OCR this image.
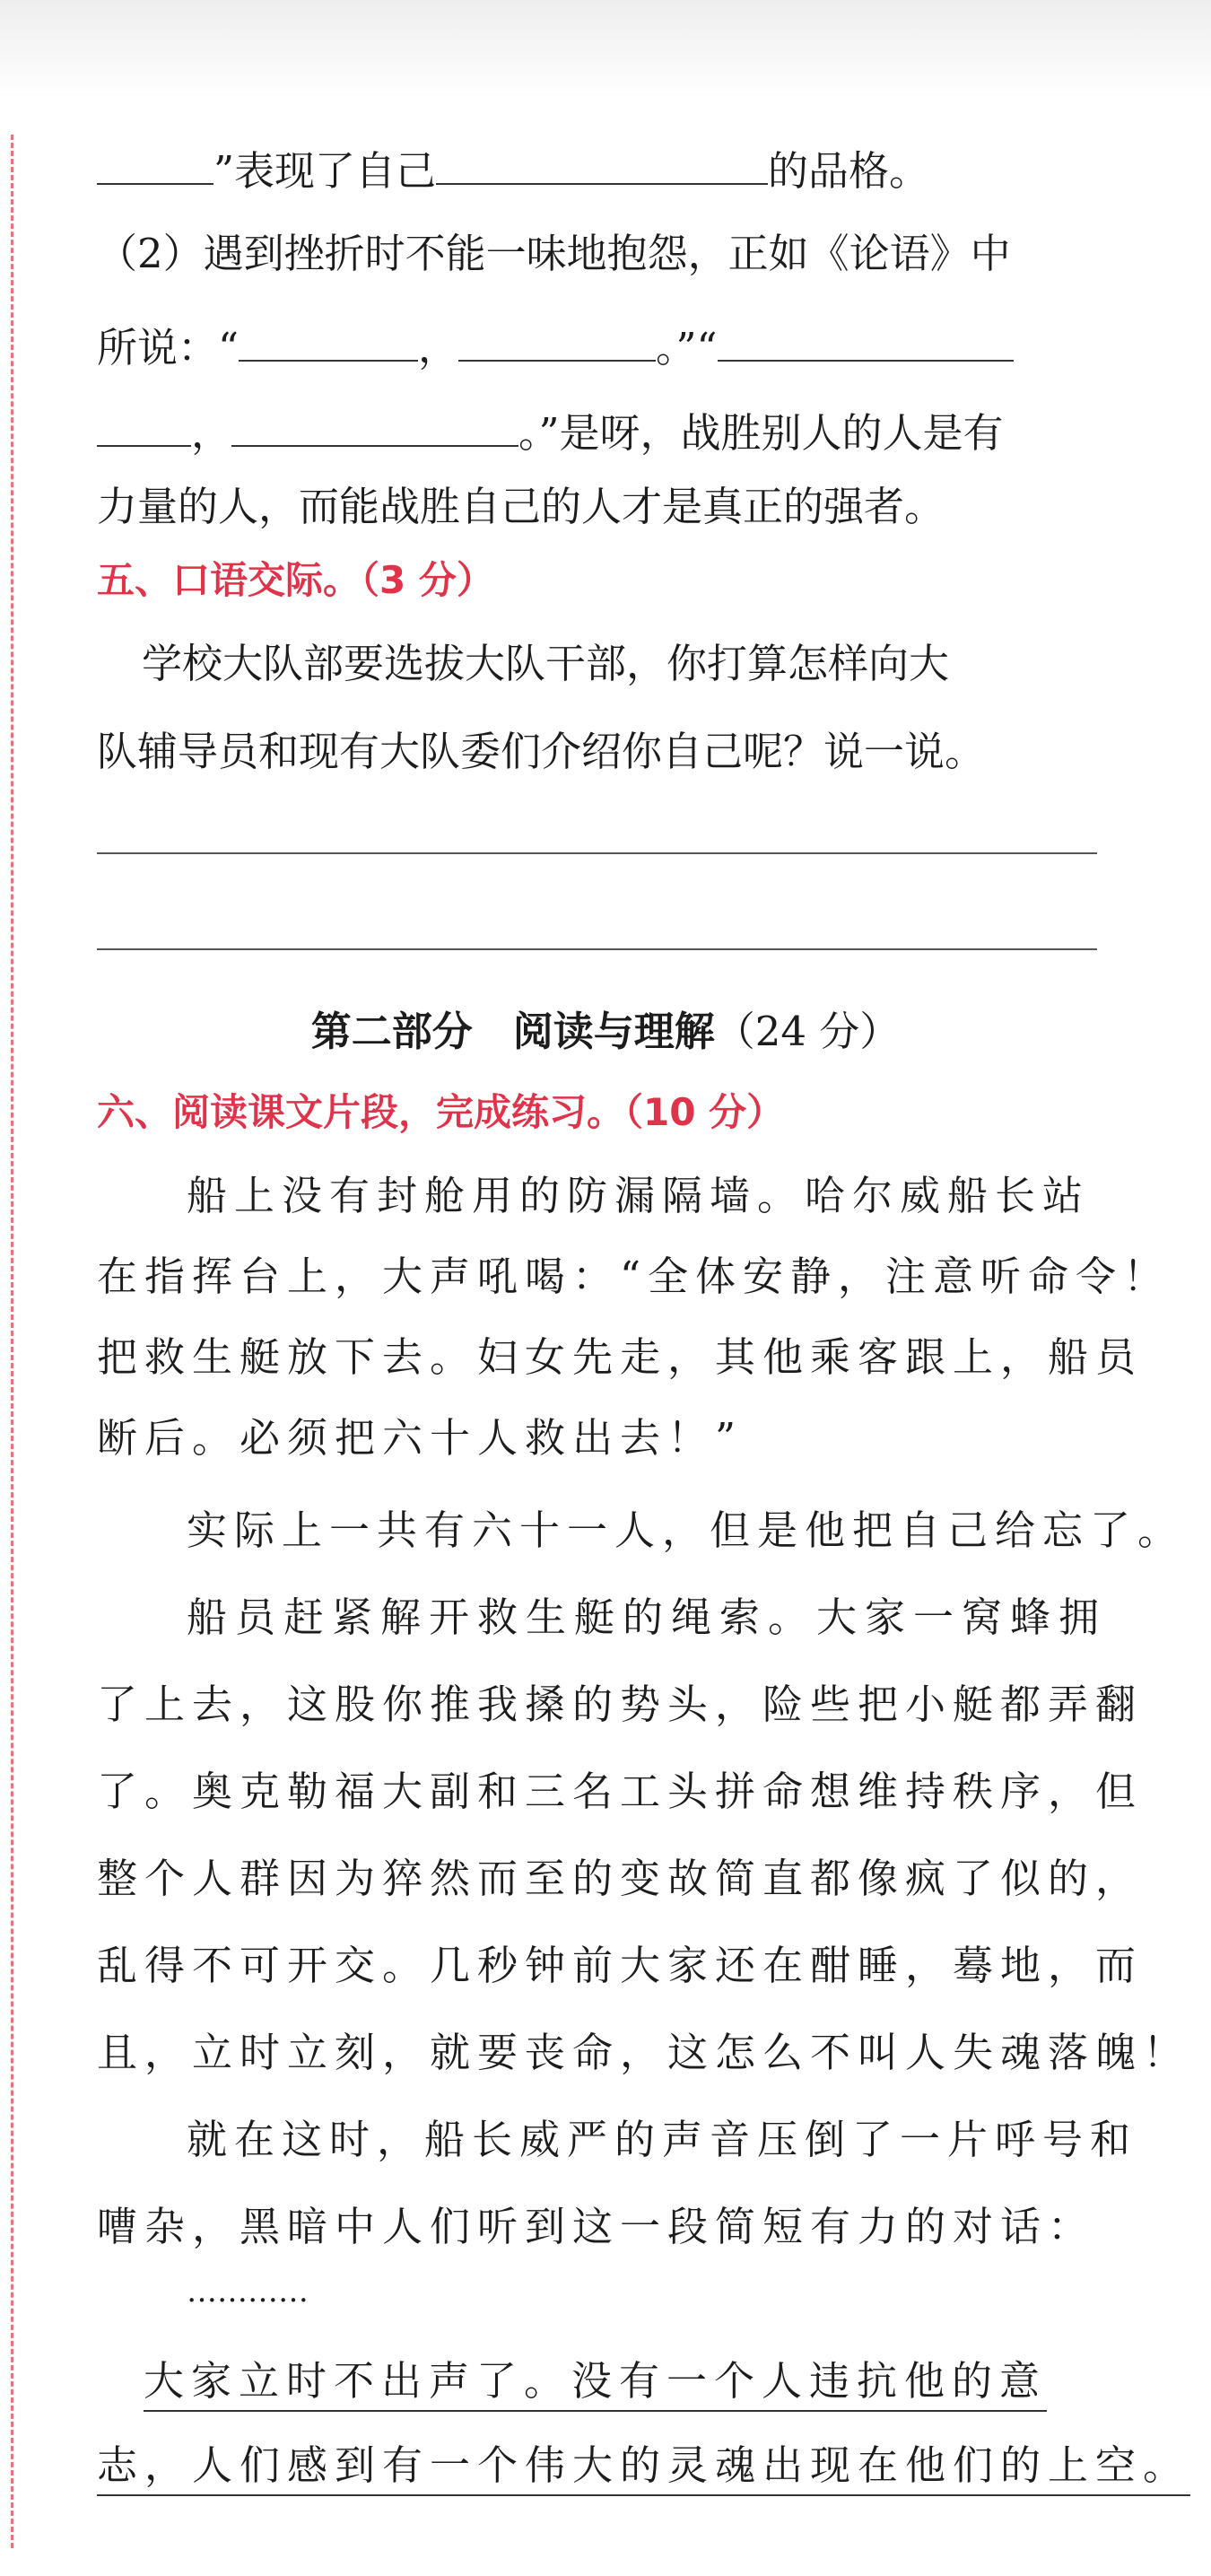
”表现了自己	的品格。
（2）遇到挫折时不能一味地抱怨，正如《论语》中
所说：“	，	。”“
，	。”是呀，战胜别人的人是有
力量的人，而能战胜自己的人才是真正的强者。
五、口语交际。（3 分）
学校大队部要选拔大队干部，你打算怎样向大
队辅导员和现有大队委们介绍你自己呢？说一说。
第二部分　阅读与理解（24 分）
六、阅读课文片段，完成练习。（10 分）
船上没有封舱用的防漏隔墙。哈尔威船长站
在指挥台上，大声吼喝：“全体安静，注意听命令！
把救生艇放下去。妇女先走，其他乘客跟上，船员
断后。必须把六十人救出去！”
实际上一共有六十一人，但是他把自己给忘了。
船员赶紧解开救生艇的绳索。大家一窝蜂拥
了上去，这股你推我搡的势头，险些把小艇都弄翻
了。奥克勒福大副和三名工头拼命想维持秩序，但
整个人群因为猝然而至的变故简直都像疯了似的，
乱得不可开交。几秒钟前大家还在酣睡，蓦地，而
且，立时立刻，就要丧命，这怎么不叫人失魂落魄！
就在这时，船长威严的声音压倒了一片呼号和
嘈杂，黑暗中人们听到这一段简短有力的对话：
…………
大家立时不出声了。没有一个人违抗他的意
志，人们感到有一个伟大的灵魂出现在他们的上空。
